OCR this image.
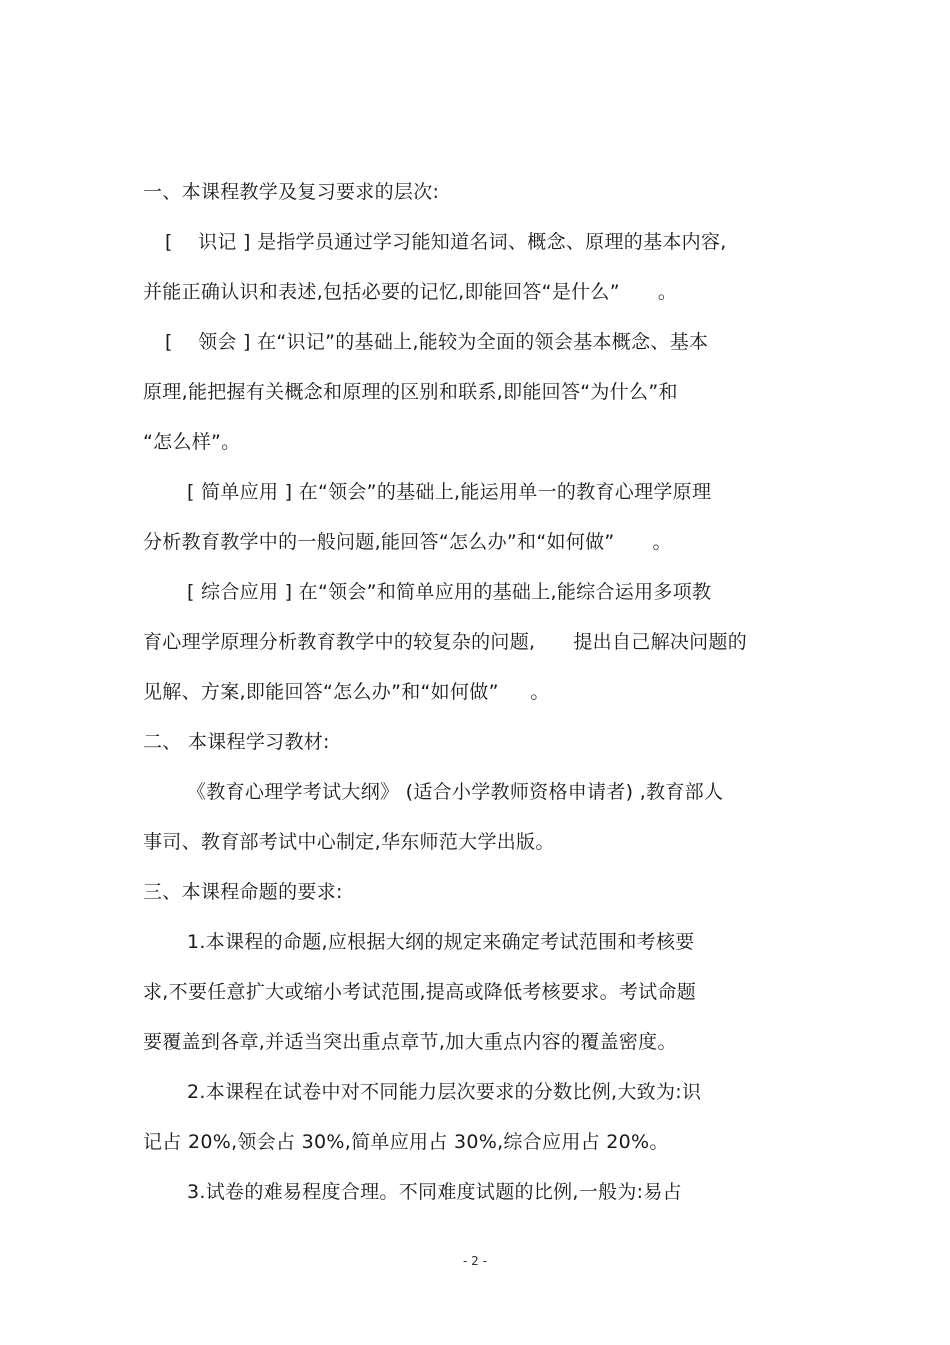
一、本课程教学及复习要求的层次:
[    识记 ] 是指学员通过学习能知道名词、概念、原理的基本内容,
并能正确认识和表述,包括必要的记忆,即能回答“是什么”      。
[    领会 ] 在“识记”的基础上,能较为全面的领会基本概念、基本
原理,能把握有关概念和原理的区别和联系,即能回答“为什么”和
“怎么样”。
[ 简单应用 ] 在“领会”的基础上,能运用单一的教育心理学原理
分析教育教学中的一般问题,能回答“怎么办”和“如何做”      。
[ 综合应用 ] 在“领会”和简单应用的基础上,能综合运用多项教
育心理学原理分析教育教学中的较复杂的问题,      提出自己解决问题的
见解、方案,即能回答“怎么办”和“如何做”     。
二、 本课程学习教材:
《教育心理学考试大纲》 (适合小学教师资格申请者) ,教育部人
事司、教育部考试中心制定,华东师范大学出版。
三、本课程命题的要求:
1.本课程的命题,应根据大纲的规定来确定考试范围和考核要
求,不要任意扩大或缩小考试范围,提高或降低考核要求。考试命题
要覆盖到各章,并适当突出重点章节,加大重点内容的覆盖密度。
2.本课程在试卷中对不同能力层次要求的分数比例,大致为:识
记占 20%,领会占 30%,简单应用占 30%,综合应用占 20%。
3.试卷的难易程度合理。不同难度试题的比例,一般为:易占
- 2 -
